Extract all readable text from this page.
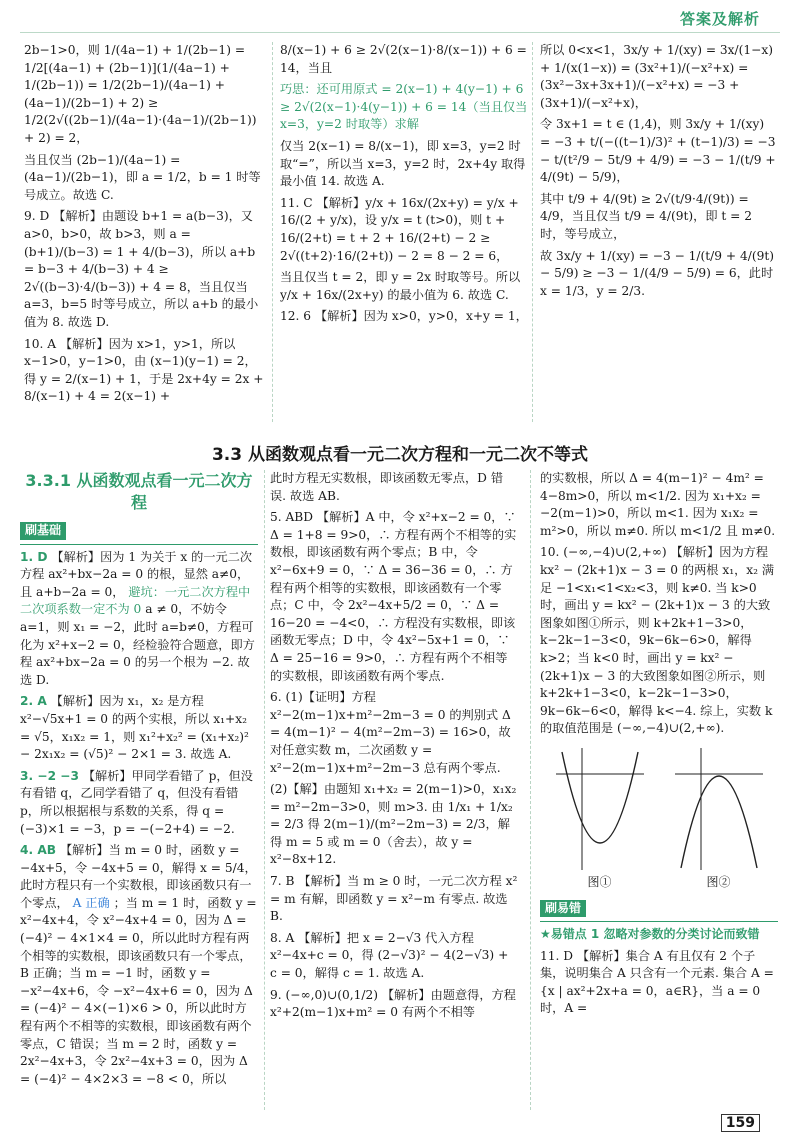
答案及解析

2b−1>0，则 1/(4a−1) + 1/(2b−1) = 1/2[(4a−1) + (2b−1)](1/(4a−1) + 1/(2b−1)) = 1/2(2b−1)/(4a−1) + (4a−1)/(2b−1) + 2) ≥ 1/2(2√((2b−1)/(4a−1)·(4a−1)/(2b−1)) + 2) = 2，

当且仅当 (2b−1)/(4a−1) = (4a−1)/(2b−1)，即 a = 1/2，b = 1 时等号成立。故选 C.

9. D 【解析】由题设 b+1 = a(b−3)，又 a>0，b>0，故 b>3，则 a = (b+1)/(b−3) = 1 + 4/(b−3)，所以 a+b = b−3 + 4/(b−3) + 4 ≥ 2√((b−3)·4/(b−3)) + 4 = 8，当且仅当 a=3，b=5 时等号成立，所以 a+b 的最小值为 8. 故选 D.

10. A 【解析】因为 x>1，y>1，所以 x−1>0，y−1>0，由 (x−1)(y−1) = 2，得 y = 2/(x−1) + 1，于是 2x+4y = 2x + 8/(x−1) + 4 = 2(x−1) +

8/(x−1) + 6 ≥ 2√(2(x−1)·8/(x−1)) + 6 = 14，当且

巧思：还可用原式 = 2(x−1) + 4(y−1) + 6 ≥ 2√(2(x−1)·4(y−1)) + 6 = 14（当且仅当 x=3，y=2 时取等）求解

仅当 2(x−1) = 8/(x−1)，即 x=3，y=2 时取“=”，所以当 x=3，y=2 时，2x+4y 取得最小值 14. 故选 A.

11. C 【解析】y/x + 16x/(2x+y) = y/x + 16/(2 + y/x)，设 y/x = t (t>0)，则 t + 16/(2+t) = t + 2 + 16/(2+t) − 2 ≥ 2√((t+2)·16/(2+t)) − 2 = 8 − 2 = 6，

当且仅当 t = 2，即 y = 2x 时取等号。所以 y/x + 16x/(2x+y) 的最小值为 6. 故选 C.

12. 6 【解析】因为 x>0，y>0，x+y = 1，

所以 0<x<1，3x/y + 1/(xy) = 3x/(1−x) + 1/(x(1−x)) = (3x²+1)/(−x²+x) = (3x²−3x+3x+1)/(−x²+x) = −3 + (3x+1)/(−x²+x)，

令 3x+1 = t ∈ (1,4)，则 3x/y + 1/(xy) = −3 + t/(−((t−1)/3)² + (t−1)/3) = −3 − t/(t²/9 − 5t/9 + 4/9) = −3 − 1/(t/9 + 4/(9t) − 5/9)，

其中 t/9 + 4/(9t) ≥ 2√(t/9·4/(9t)) = 4/9，当且仅当 t/9 = 4/(9t)，即 t = 2 时，等号成立，

故 3x/y + 1/(xy) = −3 − 1/(t/9 + 4/(9t) − 5/9) ≥ −3 − 1/(4/9 − 5/9) = 6，此时 x = 1/3，y = 2/3.

3.3 从函数观点看一元二次方程和一元二次不等式
3.3.1 从函数观点看一元二次方程
刷基础

1. D 【解析】因为 1 为关于 x 的一元二次方程 ax²+bx−2a = 0 的根，显然 a≠0，且 a+b−2a = 0， 避坑：一元二次方程中二次项系数一定不为 0 a ≠ 0，不妨令 a=1，则 x₁ = −2，此时 a=b≠0，方程可化为 x²+x−2 = 0，经检验符合题意，即方程 ax²+bx−2a = 0 的另一个根为 −2. 故选 D.

2. A 【解析】因为 x₁，x₂ 是方程 x²−√5x+1 = 0 的两个实根，所以 x₁+x₂ = √5，x₁x₂ = 1，则 x₁²+x₂² = (x₁+x₂)² − 2x₁x₂ = (√5)² − 2×1 = 3. 故选 A.

3. −2 −3 【解析】甲同学看错了 p，但没有看错 q，乙同学看错了 q，但没有看错 p，所以根据根与系数的关系，得 q = (−3)×1 = −3，p = −(−2+4) = −2.

4. AB 【解析】当 m = 0 时，函数 y = −4x+5，令 −4x+5 = 0，解得 x = 5/4，此时方程只有一个实数根，即该函数只有一个零点， A 正确 ；当 m = 1 时，函数 y = x²−4x+4，令 x²−4x+4 = 0，因为 Δ = (−4)² − 4×1×4 = 0，所以此时方程有两个相等的实数根，即该函数只有一个零点，B 正确；当 m = −1 时，函数 y = −x²−4x+6，令 −x²−4x+6 = 0，因为 Δ = (−4)² − 4×(−1)×6 > 0，所以此时方程有两个不相等的实数根，即该函数有两个零点，C 错误；当 m = 2 时，函数 y = 2x²−4x+3，令 2x²−4x+3 = 0，因为 Δ = (−4)² − 4×2×3 = −8 < 0，所以

此时方程无实数根，即该函数无零点，D 错误. 故选 AB.

5. ABD 【解析】A 中，令 x²+x−2 = 0，∵ Δ = 1+8 = 9>0，∴ 方程有两个不相等的实数根，即该函数有两个零点；B 中，令 x²−6x+9 = 0，∵ Δ = 36−36 = 0，∴ 方程有两个相等的实数根，即该函数有一个零点；C 中，令 2x²−4x+5/2 = 0，∵ Δ = 16−20 = −4<0，∴ 方程没有实数根，即该函数无零点；D 中，令 4x²−5x+1 = 0，∵ Δ = 25−16 = 9>0，∴ 方程有两个不相等的实数根，即该函数有两个零点.

6. (1)【证明】方程 x²−2(m−1)x+m²−2m−3 = 0 的判别式 Δ = 4(m−1)² − 4(m²−2m−3) = 16>0，故对任意实数 m，二次函数 y = x²−2(m−1)x+m²−2m−3 总有两个零点.

(2)【解】由题知 x₁+x₂ = 2(m−1)>0，x₁x₂ = m²−2m−3>0，则 m>3. 由 1/x₁ + 1/x₂ = 2/3 得 2(m−1)/(m²−2m−3) = 2/3，解得 m = 5 或 m = 0（舍去），故 y = x²−8x+12.

7. B 【解析】当 m ≥ 0 时，一元二次方程 x² = m 有解，即函数 y = x²−m 有零点. 故选 B.

8. A 【解析】把 x = 2−√3 代入方程 x²−4x+c = 0，得 (2−√3)² − 4(2−√3) + c = 0，解得 c = 1. 故选 A.

9. (−∞,0)∪(0,1/2) 【解析】由题意得，方程 x²+2(m−1)x+m² = 0 有两个不相等

的实数根，所以 Δ = 4(m−1)² − 4m² = 4−8m>0，所以 m<1/2. 因为 x₁+x₂ = −2(m−1)>0，所以 m<1. 因为 x₁x₂ = m²>0，所以 m≠0. 所以 m<1/2 且 m≠0.

10. (−∞,−4)∪(2,+∞) 【解析】因为方程 kx² − (2k+1)x − 3 = 0 的两根 x₁，x₂ 满足 −1<x₁<1<x₂<3，则 k≠0. 当 k>0 时，画出 y = kx² − (2k+1)x − 3 的大致图象如图①所示，则 k+2k+1−3>0，k−2k−1−3<0，9k−6k−6>0，解得 k>2；当 k<0 时，画出 y = kx² − (2k+1)x − 3 的大致图象如图②所示，则 k+2k+1−3<0，k−2k−1−3>0，9k−6k−6<0，解得 k<−4. 综上，实数 k 的取值范围是 (−∞,−4)∪(2,+∞).

图①	图②
刷易错

★易错点 1 忽略对参数的分类讨论而致错

11. D 【解析】集合 A 有且仅有 2 个子集，说明集合 A 只含有一个元素. 集合 A = {x | ax²+2x+a = 0，a∈R}，当 a = 0 时，A =

159
